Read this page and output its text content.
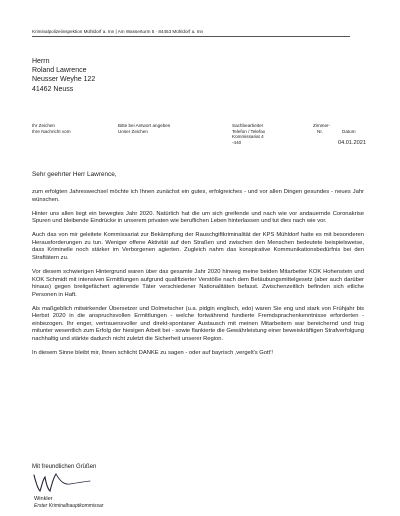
Kriminalpolizeiinspektion Mühldorf a. Inn | Am Wasserturm 5 · 84453 Mühldorf a. Inn
Herrn
Roland Lawrence
Neusser Weyhe 122
41462 Neuss
Ihr Zeichen
Ihre Nachricht vom
Bitte bei Antwort angeben
Unser Zeichen
Sachbearbeiter
Telefon / Telefax
Kommissariat 4
-440
Zimmer-
Nr.	Datum
04.01.2021
Sehr geehrter Herr Lawrence,

zum erfolgten Jahreswechsel möchte ich Ihnen zunächst ein gutes, erfolgreiches - und vor allen Dingen gesundes - neues Jahr wünschen.

Hinter uns allen liegt ein bewegtes Jahr 2020. Natürlich hat die um sich greifende und nach wie vor andauernde Coronakrise Spuren und bleibende Eindrücke in unserem privaten wie beruflichen Leben hinterlassen und tut dies nach wie vor.

Auch das von mir geleitete Kommissariat zur Bekämpfung der Rauschgiftkriminalität der KPS Mühldorf hatte es mit besonderen Herausforderungen zu tun. Weniger offene Aktivität auf den Straßen und zwischen den Menschen bedeutete beispielsweise, dass Kriminelle noch stärker im Verborgenen agierten. Zugleich nahm das konspirative Kommunikationsbedürfnis bei den Straftätern zu.

Vor diesem schwierigen Hintergrund waren über das gesamte Jahr 2020 hinweg meine beiden Mitarbeiter KOK Hohenstein und KOK Schmidt mit intensiven Ermittlungen aufgrund qualifizierter Verstöße nach dem Betäubungsmittelgesetz (aber auch darüber hinaus) gegen breitgefächert agierende Täter verschiedener Nationalitäten befasst. Zwischenzeitlich befinden sich etliche Personen in Haft.

Als maßgeblich mitwirkender Übersetzer und Dolmetscher (u.a. pidgin englisch, edo) waren Sie eng und stark von Frühjahr bis Herbst 2020 in die anspruchsvollen Ermittlungen - welche fortwährend fundierte Fremdsprachenkenntnisse erforderten - einbezogen. Ihr enger, vertrauensvoller und direkt-spontaner Austausch mit meinen Mitarbeitern war bereichernd und trug mitunter wesentlich zum Erfolg der hiesigen Arbeit bei - sowie flankierte die Gewährleistung einer beweiskräftigen Strafverfolgung nachhaltig und stärkte dadurch nicht zuletzt die Sicherheit unserer Region.

In diesem Sinne bleibt mir, Ihnen schlicht DANKE zu sagen - oder auf bayrisch ‚vergelt's Gott'!

Mit freundlichen Grüßen
Winkler
Erster Kriminalhauptkommissar
